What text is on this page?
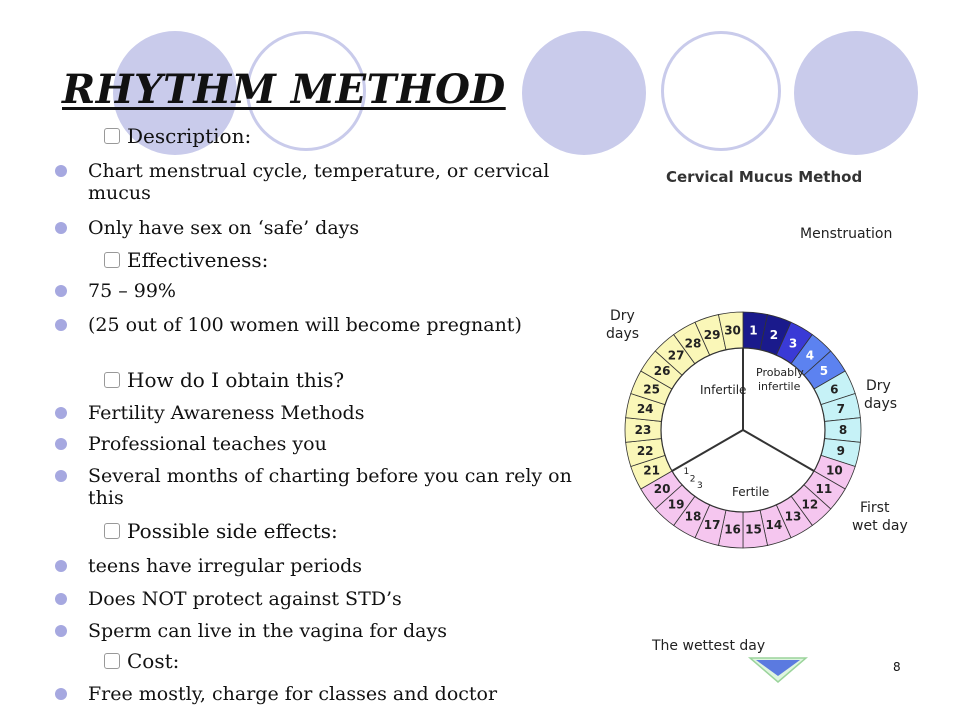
RHYTHM METHOD
Description:
Chart menstrual cycle, temperature, or cervical mucus
Only have sex on ‘safe’ days
Effectiveness:
75 – 99%
(25 out of 100 women will become pregnant)
How do I obtain this?
Fertility Awareness Methods
Professional teaches you
Several months of charting before you can rely on this
Possible side effects:
teens have irregular periods
Does NOT protect against STD’s
Sperm can live in the vagina for days
Cost:
Free mostly, charge for classes and doctor
Cervical Mucus Method
Menstruation
Dry
days
Dry
days
First
wet day
The wettest day
Infertile
Probably
infertile
Fertile
1 2
3
4
5
6
7
8
9
10
11
12
13
14
15
16
17
18
19
20
21
22
23
24
25
26
27
28
29 30
3
2
1
8
